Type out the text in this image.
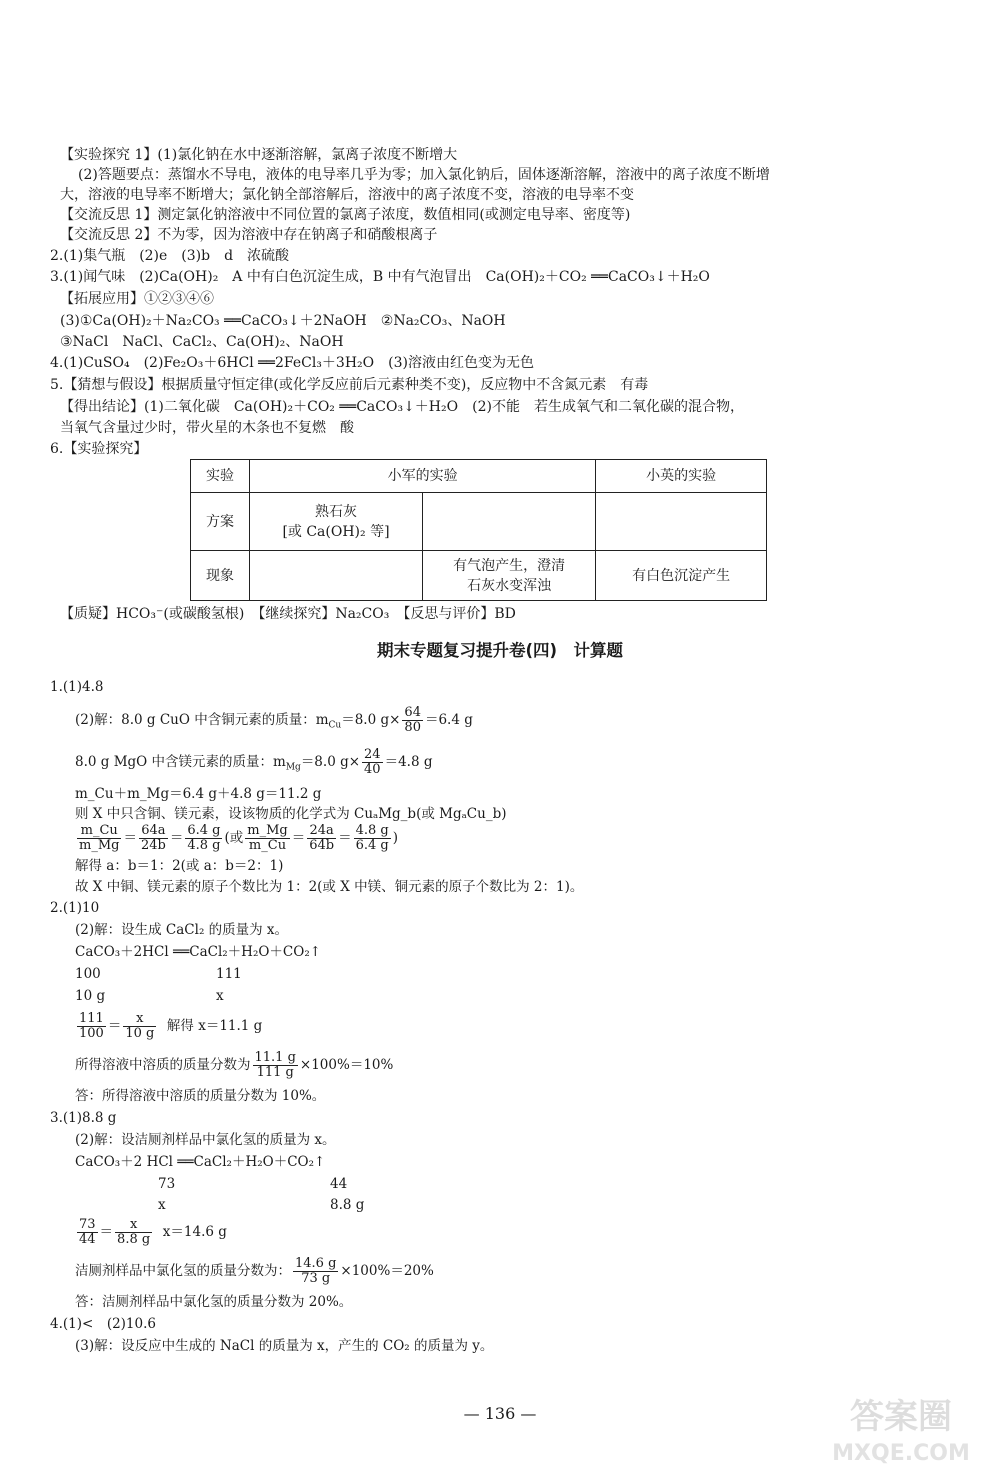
【实验探究 1】(1)氯化钠在水中逐渐溶解，氯离子浓度不断增大
(2)答题要点：蒸馏水不导电，液体的电导率几乎为零；加入氯化钠后，固体逐渐溶解，溶液中的离子浓度不断增
大，溶液的电导率不断增大；氯化钠全部溶解后，溶液中的离子浓度不变，溶液的电导率不变
【交流反思 1】测定氯化钠溶液中不同位置的氯离子浓度，数值相同(或测定电导率、密度等)
【交流反思 2】不为零，因为溶液中存在钠离子和硝酸根离子
2.(1)集气瓶　(2)e　(3)b　d　浓硫酸
3.(1)闻气味　(2)Ca(OH)₂　A 中有白色沉淀生成，B 中有气泡冒出　Ca(OH)₂＋CO₂ ══CaCO₃↓＋H₂O
【拓展应用】①②③④⑥
(3)①Ca(OH)₂＋Na₂CO₃ ══CaCO₃↓＋2NaOH　②Na₂CO₃、NaOH
③NaCl　NaCl、CaCl₂、Ca(OH)₂、NaOH
4.(1)CuSO₄　(2)Fe₂O₃＋6HCl ══2FeCl₃＋3H₂O　(3)溶液由红色变为无色
5.【猜想与假设】根据质量守恒定律(或化学反应前后元素种类不变)，反应物中不含氮元素　有毒
【得出结论】(1)二氧化碳　Ca(OH)₂＋CO₂ ══CaCO₃↓＋H₂O　(2)不能　若生成氧气和二氧化碳的混合物，
当氧气含量过少时，带火星的木条也不复燃　酸
6.【实验探究】
实验	小军的实验		小英的实验
方案	熟石灰
[或 Ca(OH)₂ 等]		

现象		有气泡产生，澄清
石灰水变浑浊	有白色沉淀产生
【质疑】HCO₃⁻(或碳酸氢根)　【继续探究】Na₂CO₃　【反思与评价】BD
期末专题复习提升卷(四)　计算题
1.(1)4.8
(2)解：8.0 g CuO 中含铜元素的质量：$m_{Cu}=8.0$ $g\times \frac{64}{80} =6.4$ g
8.0 g MgO 中含镁元素的质量：$m_{Mg}=8.0$ $g\times \frac{24}{40} =4.8$ g
m_Cu＋m_Mg＝6.4 g＋4.8 g＝11.2 g
则 X 中只含铜、镁元素，设该物质的化学式为 CuₐMg_b(或 MgₐCu_b)
$\frac{m\_Cu}{m\_Mg} = \frac{64a}{24b} = \frac{6.4 g}{4.8 g}$ (或 $\frac{m\_Mg}{m\_Cu} = \frac{24a}{64b} = \frac{4.8 g}{6.4 g}$ )
解得 a：b＝1：2(或 a：b＝2：1)
故 X 中铜、镁元素的原子个数比为 1：2(或 X 中镁、铜元素的原子个数比为 2：1)。
2.(1)10
(2)解：设生成 CaCl₂ 的质量为 x。
CaCO₃＋2HCl ══CaCl₂＋H₂O＋CO₂↑
100	111
10 g	x
$\frac{111}{100} = \frac{x}{10 g}$ 解得 x＝11.1 g
所得溶液中溶质的质量分数为 $\frac{11.1 g}{111 g} \times 100\%=10\%$
答：所得溶液中溶质的质量分数为 10%。
3.(1)8.8 g
(2)解：设洁厕剂样品中氯化氢的质量为 x。
CaCO₃＋2 HCl ══CaCl₂＋H₂O＋CO₂↑
73	44
x	8.8 g
$\frac{73}{44} = \frac{x}{8.8 g} x=14.6$ g
洁厕剂样品中氯化氢的质量分数为： $\frac{14.6 g}{73 g} \times 100\%=20\%$
答：洁厕剂样品中氯化氢的质量分数为 20%。
4.(1)<　(2)10.6
(3)解：设反应中生成的 NaCl 的质量为 x，产生的 CO₂ 的质量为 y。
— 136 —	答案圈
MXQE.COM
